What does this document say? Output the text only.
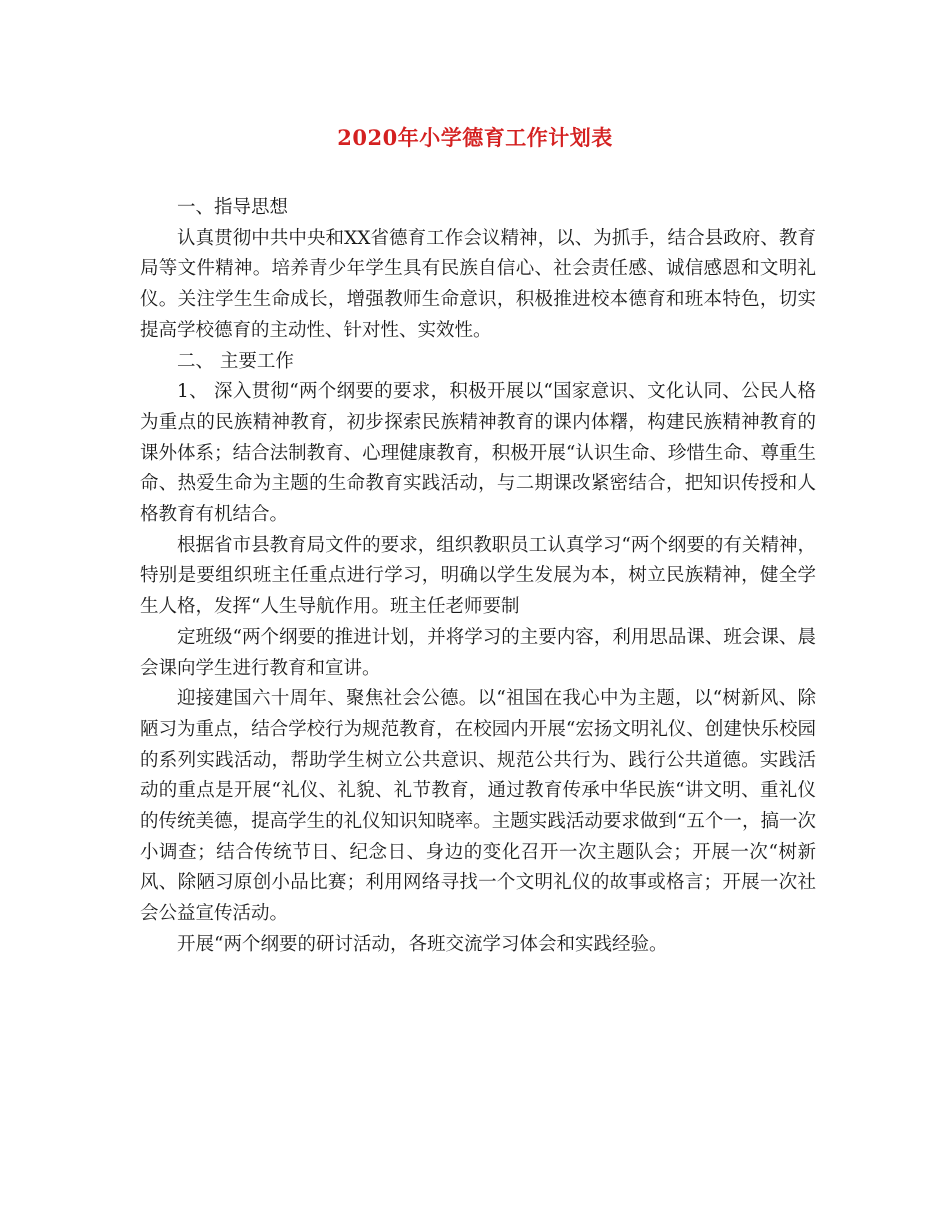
2020年小学德育工作计划表

一、指导思想

认真贯彻中共中央和XX省德育工作会议精神，以、为抓手，结合县政府、教育局等文件精神。培养青少年学生具有民族自信心、社会责任感、诚信感恩和文明礼仪。关注学生生命成长，增强教师生命意识，积极推进校本德育和班本特色，切实提高学校德育的主动性、针对性、实效性。

二、 主要工作

1、 深入贯彻“两个纲要的要求，积极开展以“国家意识、文化认同、公民人格为重点的民族精神教育，初步探索民族精神教育的课内体糬，构建民族精神教育的课外体系；结合法制教育、心理健康教育，积极开展“认识生命、珍惜生命、尊重生命、热爱生命为主题的生命教育实践活动，与二期课改紧密结合，把知识传授和人格教育有机结合。

根据省市县教育局文件的要求，组织教职员工认真学习“两个纲要的有关精神，特别是要组织班主任重点进行学习，明确以学生发展为本，树立民族精神，健全学生人格，发挥“人生导航作用。班主任老师要制

定班级“两个纲要的推进计划，并将学习的主要内容，利用思品课、班会课、晨会课向学生进行教育和宣讲。

迎接建国六十周年、聚焦社会公德。以“祖国在我心中为主题，以“树新风、除陋习为重点，结合学校行为规范教育，在校园内开展“宏扬文明礼仪、创建快乐校园的系列实践活动，帮助学生树立公共意识、规范公共行为、践行公共道德。实践活动的重点是开展“礼仪、礼貌、礼节教育，通过教育传承中华民族“讲文明、重礼仪的传统美德，提高学生的礼仪知识知晓率。主题实践活动要求做到“五个一，搞一次小调查；结合传统节日、纪念日、身边的变化召开一次主题队会；开展一次“树新风、除陋习原创小品比赛；利用网络寻找一个文明礼仪的故事或格言；开展一次社会公益宣传活动。

开展“两个纲要的研讨活动，各班交流学习体会和实践经验。
